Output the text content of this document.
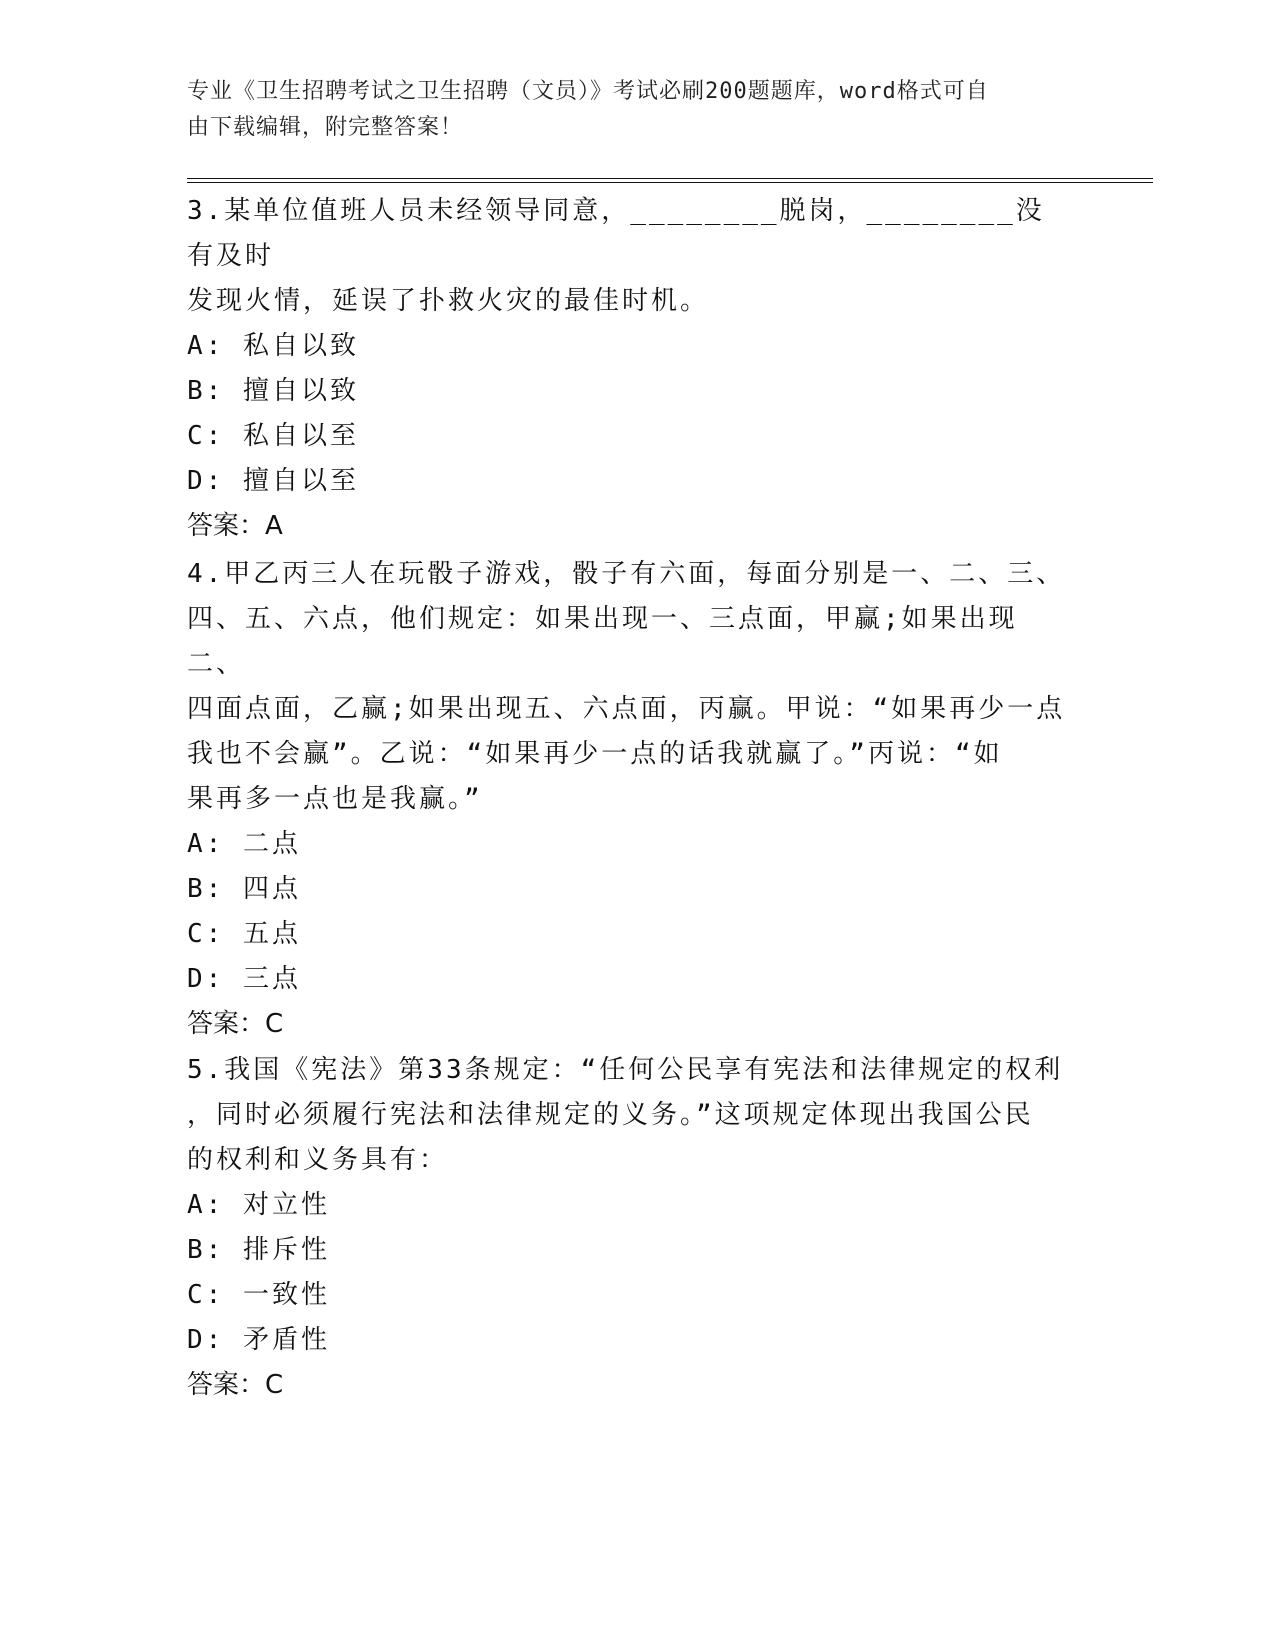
专业《卫生招聘考试之卫生招聘（文员）》考试必刷200题题库，word格式可自
由下载编辑，附完整答案！

3.某单位值班人员未经领导同意，________脱岗，________没有及时

发现火情，延误了扑救火灾的最佳时机。

A: 私自以致

B: 擅自以致

C: 私自以至

D: 擅自以至

答案：A

4.甲乙丙三人在玩骰子游戏，骰子有六面，每面分别是一、二、三、

四、五、六点，他们规定：如果出现一、三点面，甲赢;如果出现二、

四面点面，乙赢;如果出现五、六点面，丙赢。甲说：“如果再少一点

我也不会赢”。乙说：“如果再少一点的话我就赢了。”丙说：“如

果再多一点也是我赢。”

A: 二点

B: 四点

C: 五点

D: 三点

答案：C

5.我国《宪法》第33条规定：“任何公民享有宪法和法律规定的权利

，同时必须履行宪法和法律规定的义务。”这项规定体现出我国公民

的权利和义务具有：

A: 对立性

B: 排斥性

C: 一致性

D: 矛盾性

答案：C
